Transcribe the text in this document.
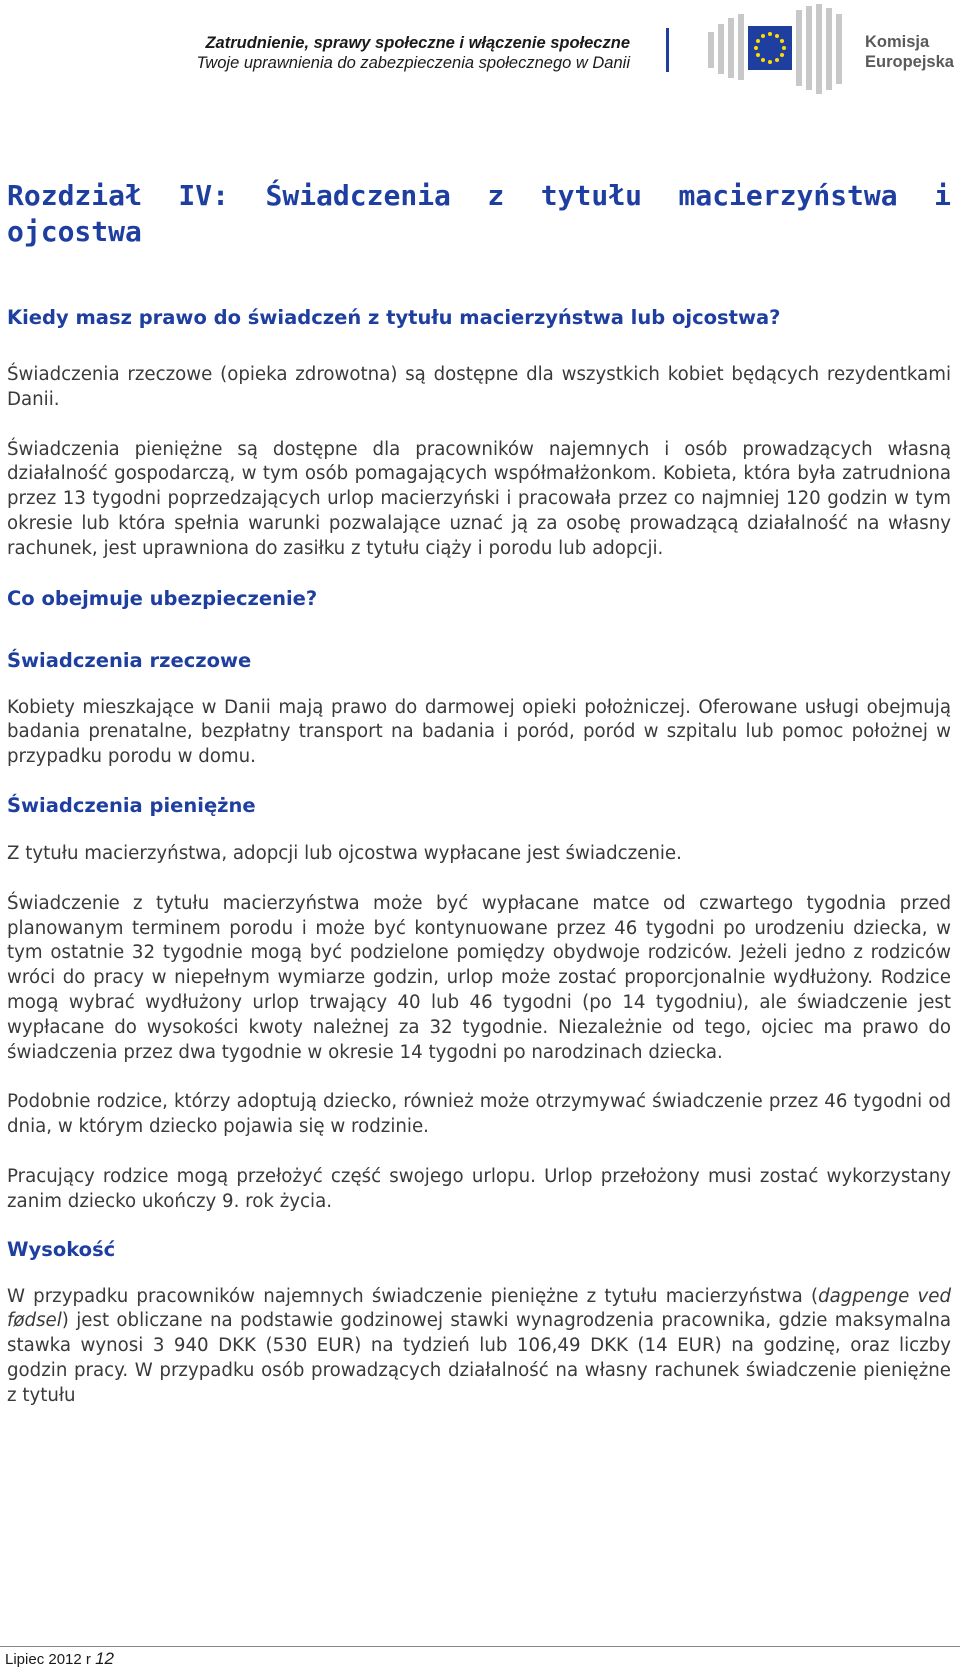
Zatrudnienie, sprawy społeczne i włączenie społeczne
Twoje uprawnienia do zabezpieczenia społecznego w Danii
Komisja
Europejska
Rozdział IV: Świadczenia z tytułu macierzyństwa i ojcostwa
Kiedy masz prawo do świadczeń z tytułu macierzyństwa lub ojcostwa?

Świadczenia rzeczowe (opieka zdrowotna) są dostępne dla wszystkich kobiet będących rezydentkami Danii.

Świadczenia pieniężne są dostępne dla pracowników najemnych i osób prowadzących własną działalność gospodarczą, w tym osób pomagających współmałżonkom. Kobieta, która była zatrudniona przez 13 tygodni poprzedzających urlop macierzyński i pracowała przez co najmniej 120 godzin w tym okresie lub która spełnia warunki pozwalające uznać ją za osobę prowadzącą działalność na własny rachunek, jest uprawniona do zasiłku z tytułu ciąży i porodu lub adopcji.

Co obejmuje ubezpieczenie?
Świadczenia rzeczowe

Kobiety mieszkające w Danii mają prawo do darmowej opieki położniczej. Oferowane usługi obejmują badania prenatalne, bezpłatny transport na badania i poród, poród w szpitalu lub pomoc położnej w przypadku porodu w domu.

Świadczenia pieniężne

Z tytułu macierzyństwa, adopcji lub ojcostwa wypłacane jest świadczenie.

Świadczenie z tytułu macierzyństwa może być wypłacane matce od czwartego tygodnia przed planowanym terminem porodu i może być kontynuowane przez 46 tygodni po urodzeniu dziecka, w tym ostatnie 32 tygodnie mogą być podzielone pomiędzy obydwoje rodziców. Jeżeli jedno z rodziców wróci do pracy w niepełnym wymiarze godzin, urlop może zostać proporcjonalnie wydłużony. Rodzice mogą wybrać wydłużony urlop trwający 40 lub 46 tygodni (po 14 tygodniu), ale świadczenie jest wypłacane do wysokości kwoty należnej za 32 tygodnie. Niezależnie od tego, ojciec ma prawo do świadczenia przez dwa tygodnie w okresie 14 tygodni po narodzinach dziecka.

Podobnie rodzice, którzy adoptują dziecko, również może otrzymywać świadczenie przez 46 tygodni od dnia, w którym dziecko pojawia się w rodzinie.

Pracujący rodzice mogą przełożyć część swojego urlopu. Urlop przełożony musi zostać wykorzystany zanim dziecko ukończy 9. rok życia.

Wysokość

W przypadku pracowników najemnych świadczenie pieniężne z tytułu macierzyństwa (dagpenge ved fødsel) jest obliczane na podstawie godzinowej stawki wynagrodzenia pracownika, gdzie maksymalna stawka wynosi 3 940 DKK (530 EUR) na tydzień lub 106,49 DKK (14 EUR) na godzinę, oraz liczby godzin pracy. W przypadku osób prowadzących działalność na własny rachunek świadczenie pieniężne z tytułu

Lipiec 2012 r 12
